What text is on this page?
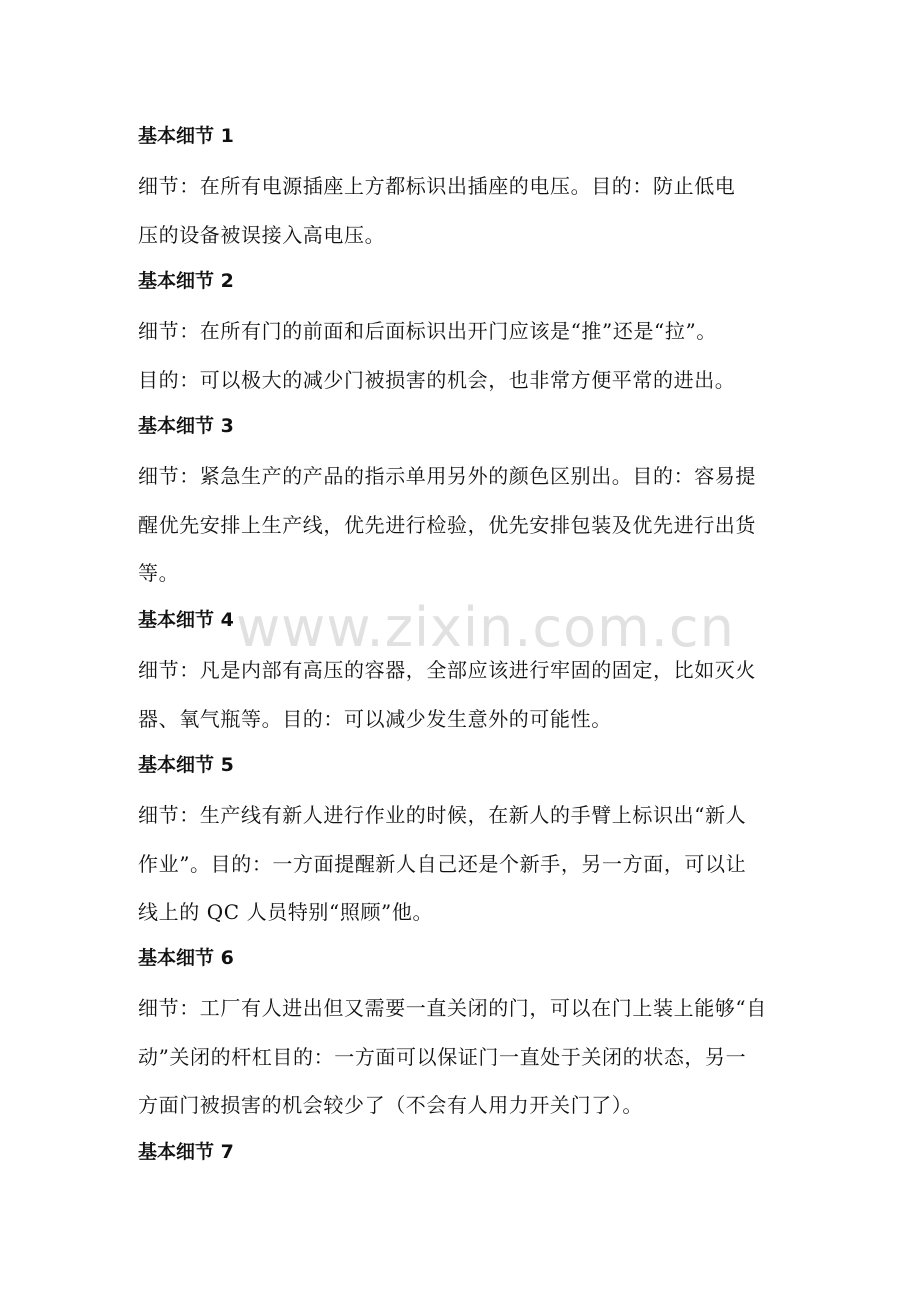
基本细节 1
细节：在所有电源插座上方都标识出插座的电压。目的：防止低电
压的设备被误接入高电压。
基本细节 2
细节：在所有门的前面和后面标识出开门应该是“推”还是“拉”。
目的：可以极大的减少门被损害的机会，也非常方便平常的进出。
基本细节 3
细节：紧急生产的产品的指示单用另外的颜色区别出。目的：容易提
醒优先安排上生产线，优先进行检验，优先安排包装及优先进行出货
等。
基本细节 4
细节：凡是内部有高压的容器，全部应该进行牢固的固定，比如灭火
器、氧气瓶等。目的：可以减少发生意外的可能性。
基本细节 5
细节：生产线有新人进行作业的时候，在新人的手臂上标识出“新人
作业”。目的：一方面提醒新人自己还是个新手，另一方面，可以让
线上的 QC 人员特别“照顾”他。
基本细节 6
细节：工厂有人进出但又需要一直关闭的门，可以在门上装上能够“自
动”关闭的杆杠目的：一方面可以保证门一直处于关闭的状态，另一
方面门被损害的机会较少了（不会有人用力开关门了）。
基本细节 7
www.zixin.com.cn
